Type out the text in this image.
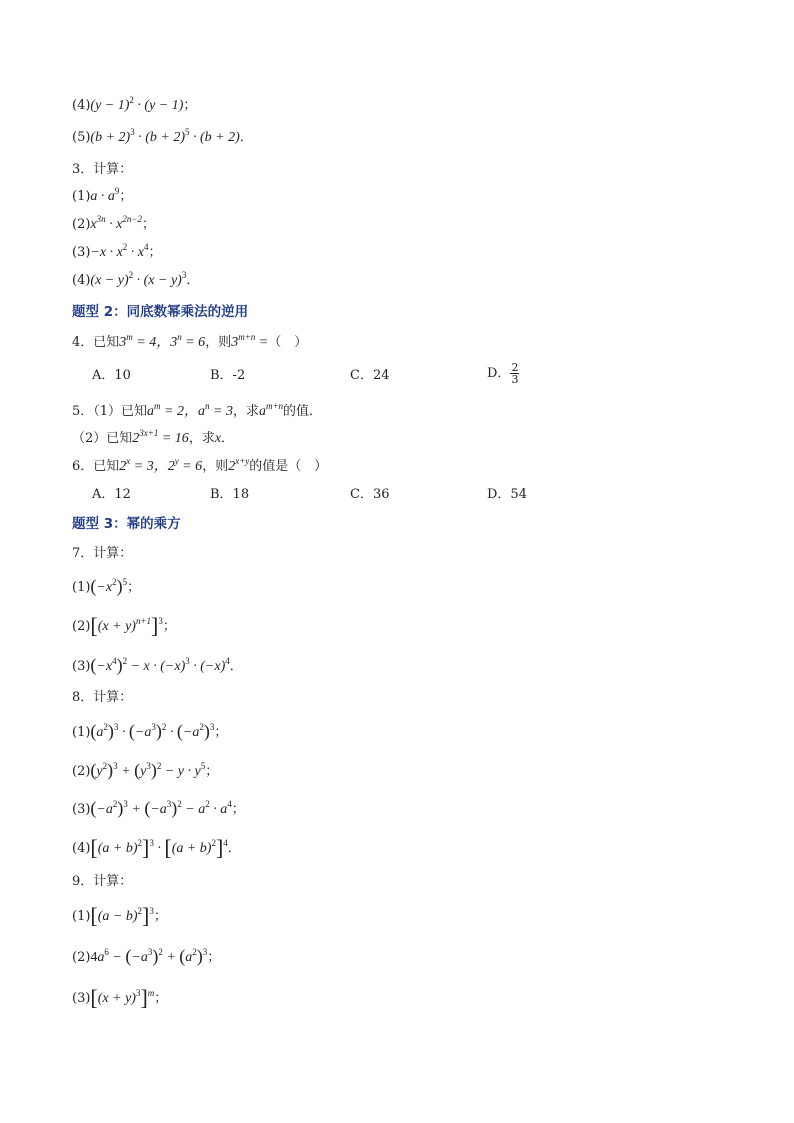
$(4)(y - 1)^2 \cdot (y - 1)$；
$(5)(b + 2)^3 \cdot (b + 2)^5 \cdot (b + 2)$．
3．计算：
$(1)a \cdot a^9$；
$(2)x^{3n} \cdot x^{2n-2}$；
$(3)-x \cdot x^2 \cdot x^4$；
$(4)(x - y)^2 \cdot (x - y)^3$．
题型 2：同底数幂乘法的逆用
4．已知$3^m = 4$，$3^n = 6$，则$3^{m+n}$ =（　）
A．10	B．-2	C．24	D． $\frac{2}{3}$
5．（1）已知$a^m = 2$，$a^n = 3$，求$a^{m+n}$的值．
（2）已知$2^{3x+1} = 16$，求x．
6．已知$2^x = 3$，$2^y = 6$，则$2^{x+y}$的值是（　）
A．12	B．18	C．36	D．54
题型 3：幂的乘方
7．计算：
$(1)(-x^2)^5$；
$(2)[(x + y)^{n+1}]^3$；
$(3)(-x^4)^2 - x \cdot (-x)^3 \cdot (-x)^4$．
8．计算：
$(1)(a^2)^3 \cdot (-a^3)^2 \cdot (-a^2)^3$；
$(2)(y^2)^3 + (y^3)^2 - y \cdot y^5$；
$(3)(-a^2)^3 + (-a^3)^2 - a^2 \cdot a^4$；
$(4)[(a + b)^2]^3 \cdot [(a + b)^2]^4$．
9．计算：
$(1)[(a - b)^2]^3$；
$(2)4a^6 - (-a^3)^2 + (a^2)^3$；
$(3)[(x + y)^3]^m$；
